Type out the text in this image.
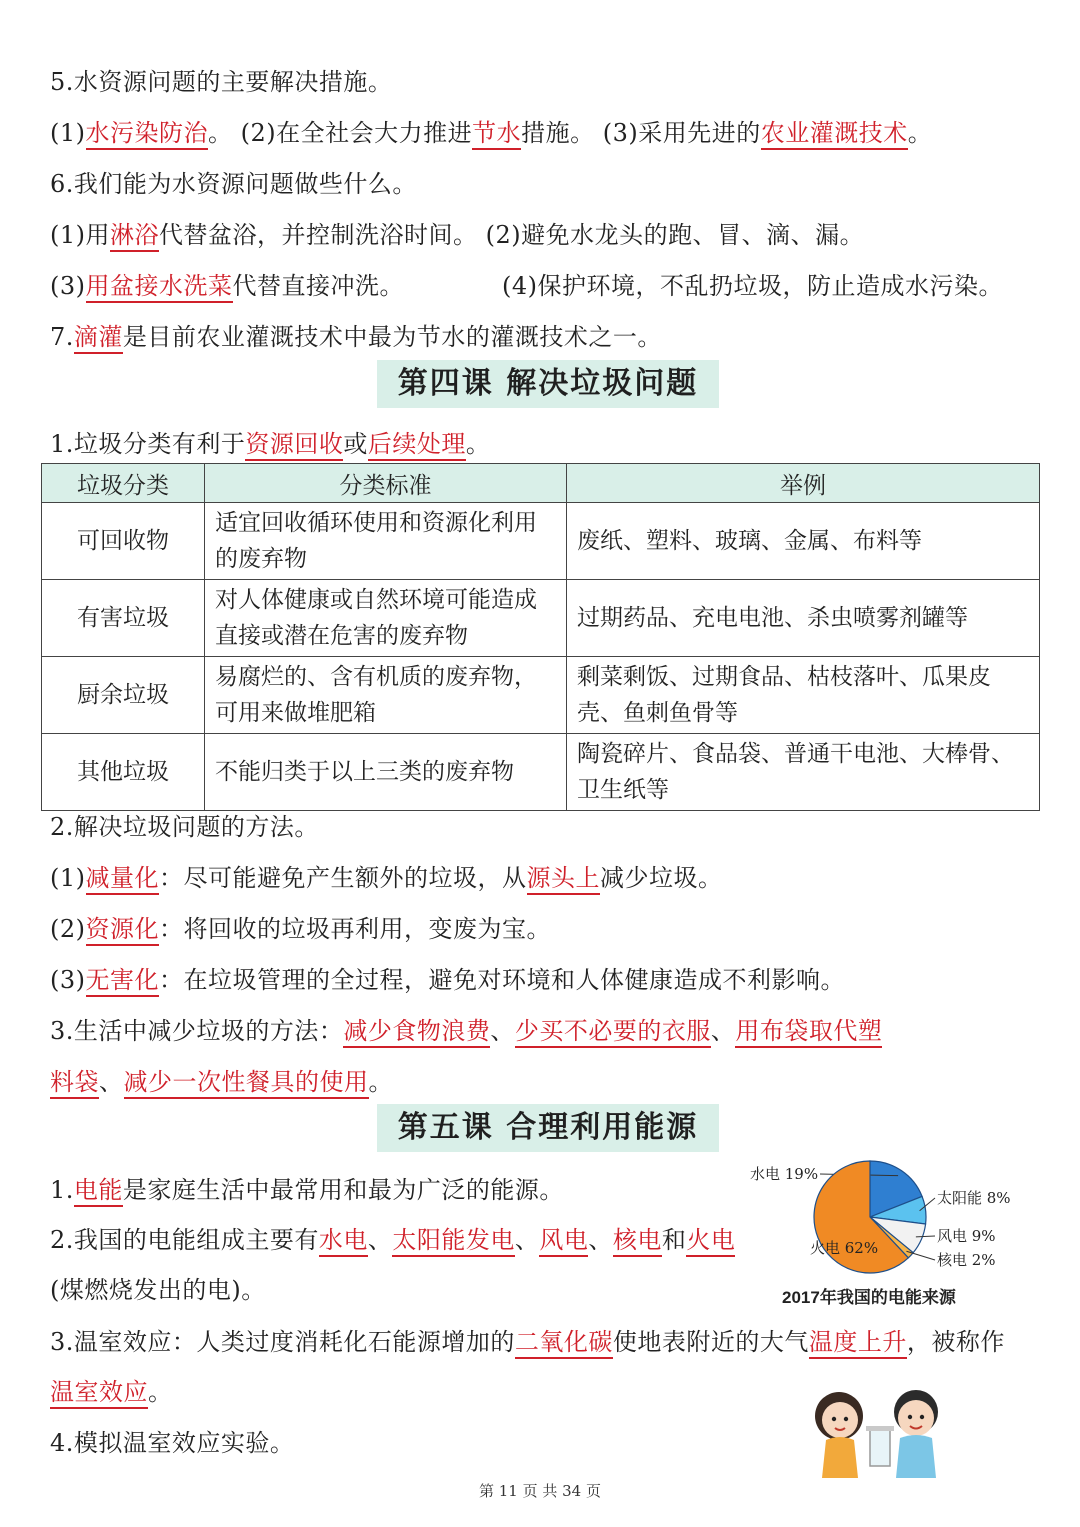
5.水资源问题的主要解决措施。
(1)水污染防治。 (2)在全社会大力推进节水措施。 (3)采用先进的农业灌溉技术。
6.我们能为水资源问题做些什么。
(1)用淋浴代替盆浴，并控制洗浴时间。 (2)避免水龙头的跑、冒、滴、漏。
(3)用盆接水洗菜代替直接冲洗。	(4)保护环境，不乱扔垃圾，防止造成水污染。
7.滴灌是目前农业灌溉技术中最为节水的灌溉技术之一。
第四课 解决垃圾问题
1.垃圾分类有利于资源回收或后续处理。
垃圾分类	分类标准	举例
可回收物	适宜回收循环使用和资源化利用的废弃物	废纸、塑料、玻璃、金属、布料等
有害垃圾	对人体健康或自然环境可能造成直接或潜在危害的废弃物	过期药品、充电电池、杀虫喷雾剂罐等
厨余垃圾	易腐烂的、含有机质的废弃物，可用来做堆肥箱	剩菜剩饭、过期食品、枯枝落叶、瓜果皮壳、鱼刺鱼骨等
其他垃圾	不能归类于以上三类的废弃物	陶瓷碎片、食品袋、普通干电池、大棒骨、卫生纸等
2.解决垃圾问题的方法。
(1)减量化：尽可能避免产生额外的垃圾，从源头上减少垃圾。
(2)资源化：将回收的垃圾再利用，变废为宝。
(3)无害化：在垃圾管理的全过程，避免对环境和人体健康造成不利影响。
3.生活中减少垃圾的方法：减少食物浪费、少买不必要的衣服、用布袋取代塑
料袋、减少一次性餐具的使用。
第五课 合理利用能源
1.电能是家庭生活中最常用和最为广泛的能源。
2.我国的电能组成主要有水电、太阳能发电、风电、核电和火电
(煤燃烧发出的电)。
3.温室效应：人类过度消耗化石能源增加的二氧化碳使地表附近的大气温度上升，被称作
温室效应。
4.模拟温室效应实验。
水电 19%
太阳能 8%
风电 9%
核电 2%
火电 62%
2017年我国的电能来源
第 11 页 共 34 页
